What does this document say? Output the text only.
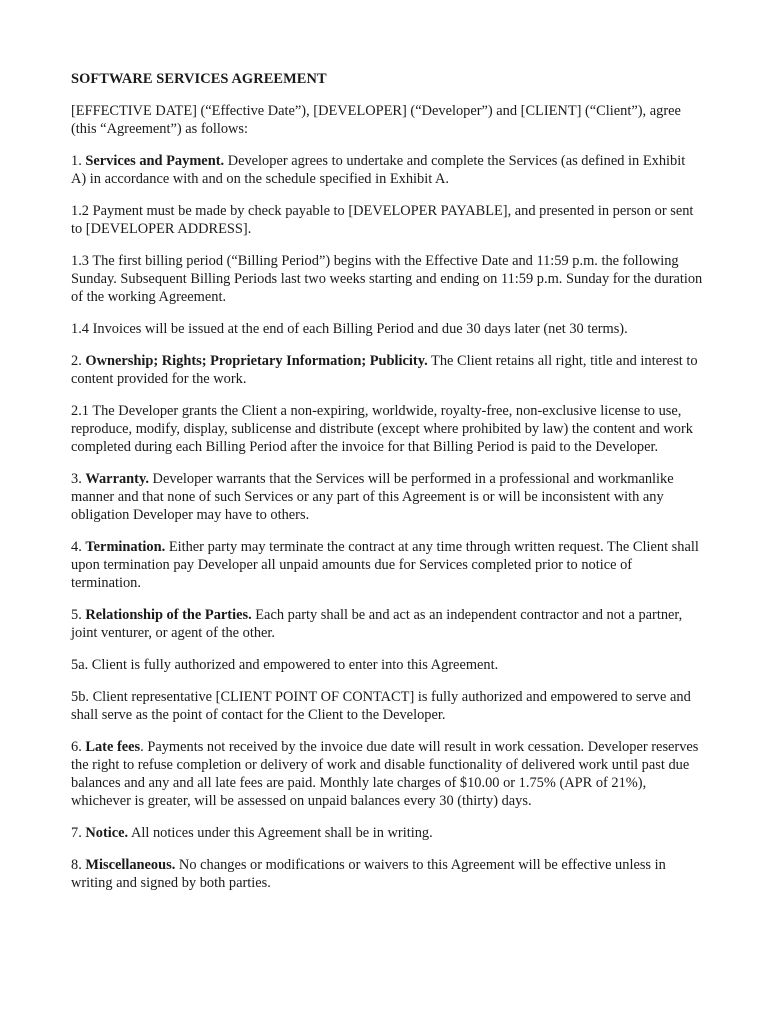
SOFTWARE SERVICES AGREEMENT
[EFFECTIVE DATE] (“Effective Date”), [DEVELOPER] (“Developer”) and [CLIENT] (“Client”), agree (this “Agreement”) as follows:
1. Services and Payment. Developer agrees to undertake and complete the Services (as defined in Exhibit A) in accordance with and on the schedule specified in Exhibit A.
1.2 Payment must be made by check payable to [DEVELOPER PAYABLE], and presented in person or sent to [DEVELOPER ADDRESS].
1.3 The first billing period (“Billing Period”) begins with the Effective Date and 11:59 p.m. the following Sunday. Subsequent Billing Periods last two weeks starting and ending on 11:59 p.m. Sunday for the duration of the working Agreement.
1.4 Invoices will be issued at the end of each Billing Period and due 30 days later (net 30 terms).
2. Ownership; Rights; Proprietary Information; Publicity. The Client retains all right, title and interest to content provided for the work.
2.1 The Developer grants the Client a non-expiring, worldwide, royalty-free, non-exclusive license to use, reproduce, modify, display, sublicense and distribute (except where prohibited by law) the content and work completed during each Billing Period after the invoice for that Billing Period is paid to the Developer.
3. Warranty. Developer warrants that the Services will be performed in a professional and workmanlike manner and that none of such Services or any part of this Agreement is or will be inconsistent with any obligation Developer may have to others.
4. Termination. Either party may terminate the contract at any time through written request. The Client shall upon termination pay Developer all unpaid amounts due for Services completed prior to notice of termination.
5. Relationship of the Parties. Each party shall be and act as an independent contractor and not a partner, joint venturer, or agent of the other.
5a. Client is fully authorized and empowered to enter into this Agreement.
5b. Client representative [CLIENT POINT OF CONTACT] is fully authorized and empowered to serve and shall serve as the point of contact for the Client to the Developer.
6. Late fees. Payments not received by the invoice due date will result in work cessation. Developer reserves the right to refuse completion or delivery of work and disable functionality of delivered work until past due balances and any and all late fees are paid. Monthly late charges of $10.00 or 1.75% (APR of 21%), whichever is greater, will be assessed on unpaid balances every 30 (thirty) days.
7. Notice. All notices under this Agreement shall be in writing.
8. Miscellaneous. No changes or modifications or waivers to this Agreement will be effective unless in writing and signed by both parties.
